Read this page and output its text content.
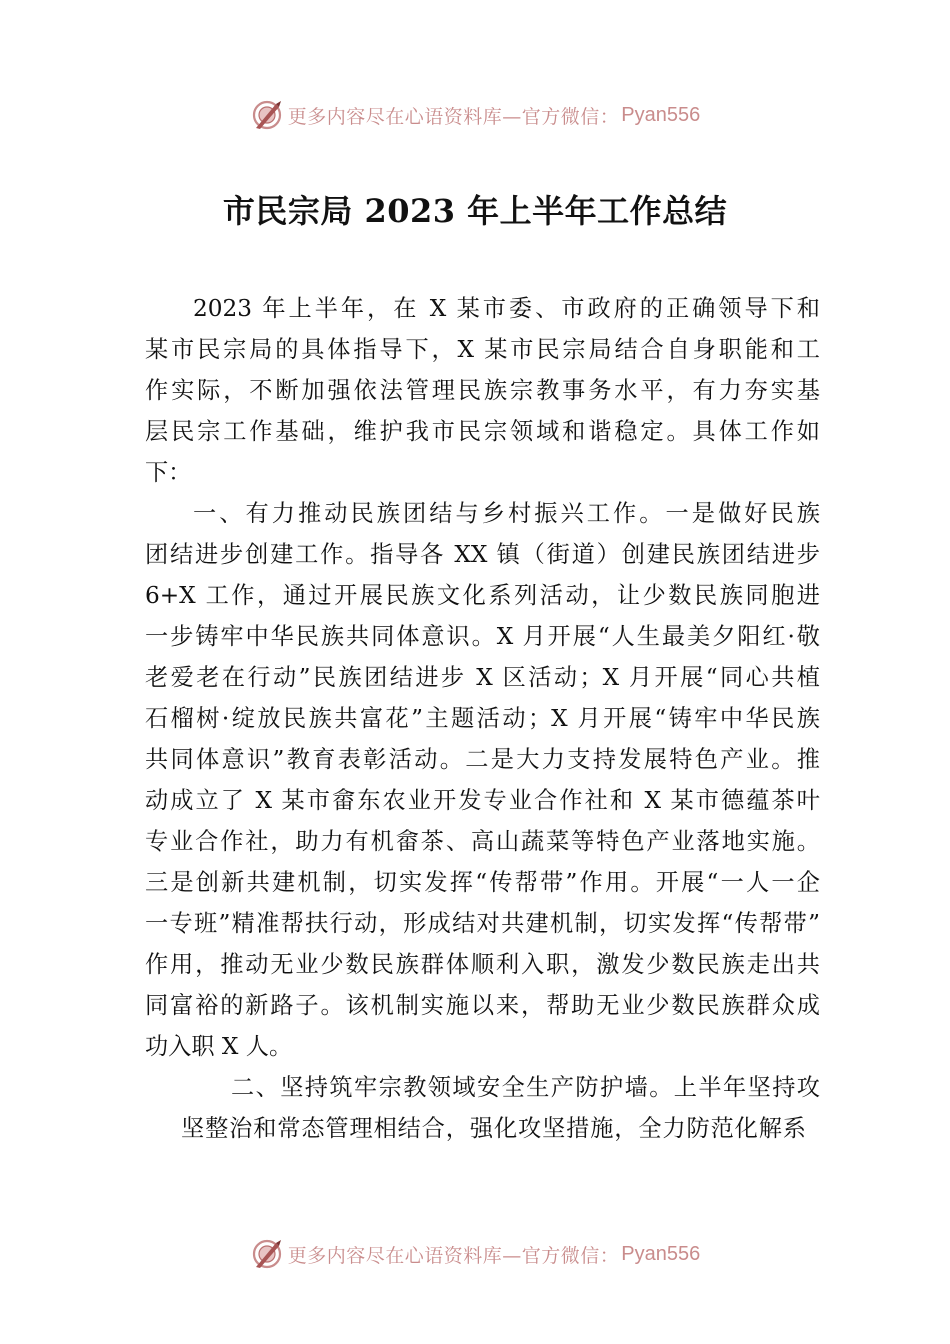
更多内容尽在心语资料库—官方微信： Pyan556
市民宗局 2023 年上半年工作总结
2023 年上半年，在 X 某市委、市政府的正确领导下和
某市民宗局的具体指导下，X 某市民宗局结合自身职能和工
作实际，不断加强依法管理民族宗教事务水平，有力夯实基
层民宗工作基础，维护我市民宗领域和谐稳定。具体工作如
下：
一、有力推动民族团结与乡村振兴工作。一是做好民族
团结进步创建工作。指导各 XX 镇（街道）创建民族团结进步
6+X 工作，通过开展民族文化系列活动，让少数民族同胞进
一步铸牢中华民族共同体意识。X 月开展“人生最美夕阳红·敬
老爱老在行动”民族团结进步 X 区活动；X 月开展“同心共植
石榴树·绽放民族共富花”主题活动；X 月开展“铸牢中华民族
共同体意识”教育表彰活动。二是大力支持发展特色产业。推
动成立了 X 某市畲东农业开发专业合作社和 X 某市德蕴茶叶
专业合作社，助力有机畲茶、高山蔬菜等特色产业落地实施。
三是创新共建机制，切实发挥“传帮带”作用。开展“一人一企
一专班”精准帮扶行动，形成结对共建机制，切实发挥“传帮带”
作用，推动无业少数民族群体顺利入职，激发少数民族走出共
同富裕的新路子。该机制实施以来，帮助无业少数民族群众成
功入职 X 人。
二、坚持筑牢宗教领域安全生产防护墙。上半年坚持攻
坚整治和常态管理相结合，强化攻坚措施，全力防范化解系
更多内容尽在心语资料库—官方微信： Pyan556
